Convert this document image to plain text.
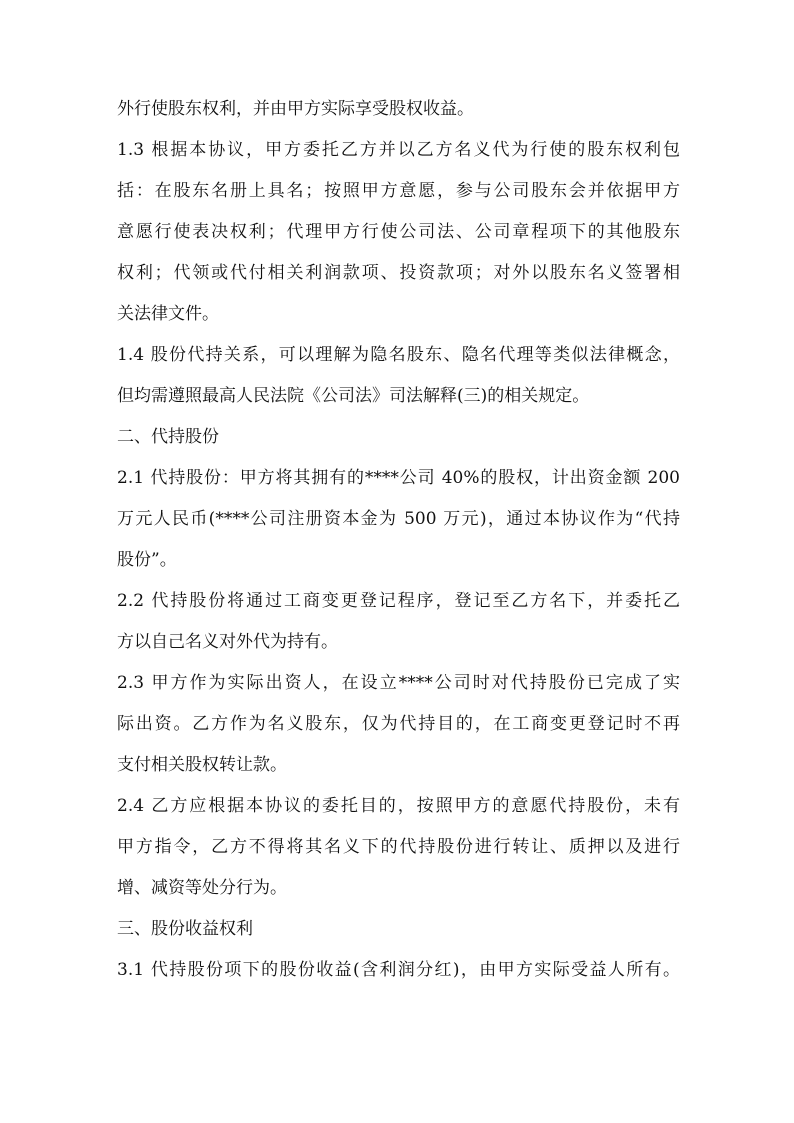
外行使股东权利，并由甲方实际享受股权收益。
1.3 根据本协议，甲方委托乙方并以乙方名义代为行使的股东权利包
括：在股东名册上具名；按照甲方意愿，参与公司股东会并依据甲方
意愿行使表决权利；代理甲方行使公司法、公司章程项下的其他股东
权利；代领或代付相关利润款项、投资款项；对外以股东名义签署相
关法律文件。
1.4 股份代持关系，可以理解为隐名股东、隐名代理等类似法律概念，
但均需遵照最高人民法院《公司法》司法解释(三)的相关规定。
二、代持股份
2.1 代持股份：甲方将其拥有的****公司 40%的股权，计出资金额 200
万元人民币(****公司注册资本金为 500 万元)，通过本协议作为“代持
股份”。
2.2 代持股份将通过工商变更登记程序，登记至乙方名下，并委托乙
方以自己名义对外代为持有。
2.3 甲方作为实际出资人，在设立****公司时对代持股份已完成了实
际出资。乙方作为名义股东，仅为代持目的，在工商变更登记时不再
支付相关股权转让款。
2.4 乙方应根据本协议的委托目的，按照甲方的意愿代持股份，未有
甲方指令，乙方不得将其名义下的代持股份进行转让、质押以及进行
增、减资等处分行为。
三、股份收益权利
3.1 代持股份项下的股份收益(含利润分红)，由甲方实际受益人所有。
